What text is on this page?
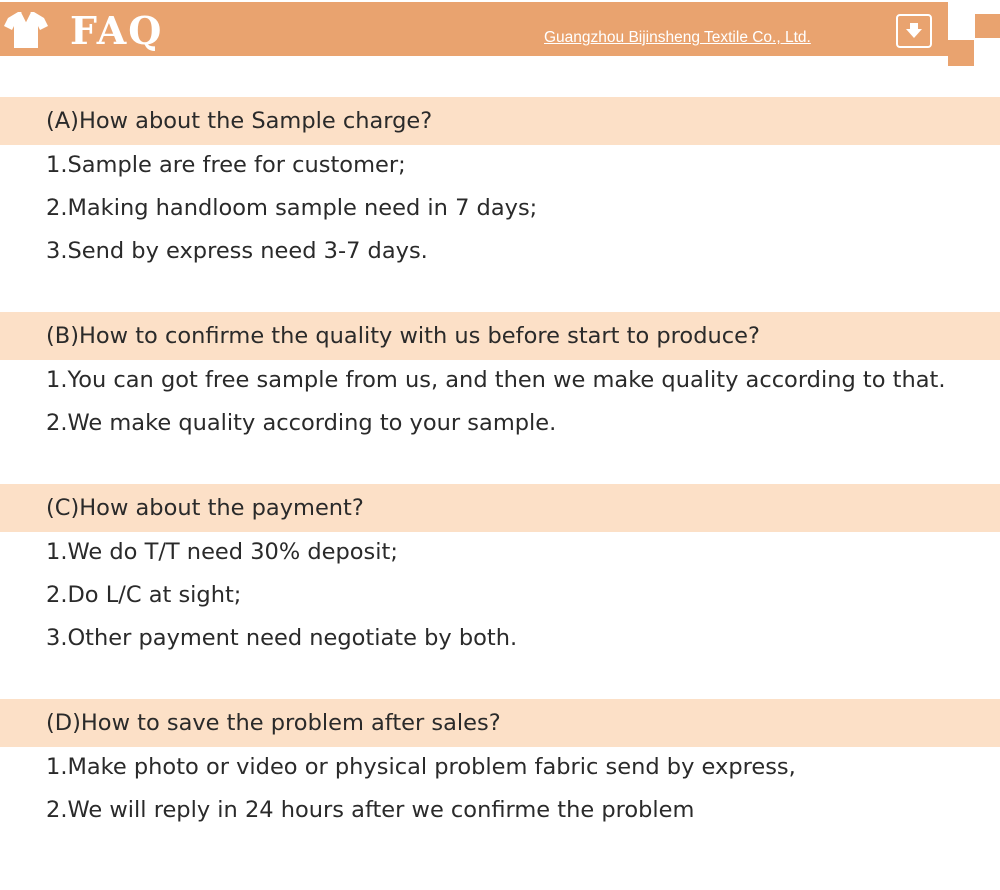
FAQ	Guangzhou Bijinsheng Textile Co., Ltd.
(A)How about the Sample charge?
1.Sample are free for customer;
2.Making handloom sample need in 7 days;
3.Send by express need 3-7 days.
(B)How to confirme the quality with us before start to produce?
1.You can got free sample from us, and then we make quality according to that.
2.We make quality according to your sample.
(C)How about the payment?
1.We do T/T need 30% deposit;
2.Do L/C at sight;
3.Other payment need negotiate by both.
(D)How to save the problem after sales?
1.Make photo or video or physical problem fabric send by express,
2.We will reply in 24 hours after we confirme the problem
